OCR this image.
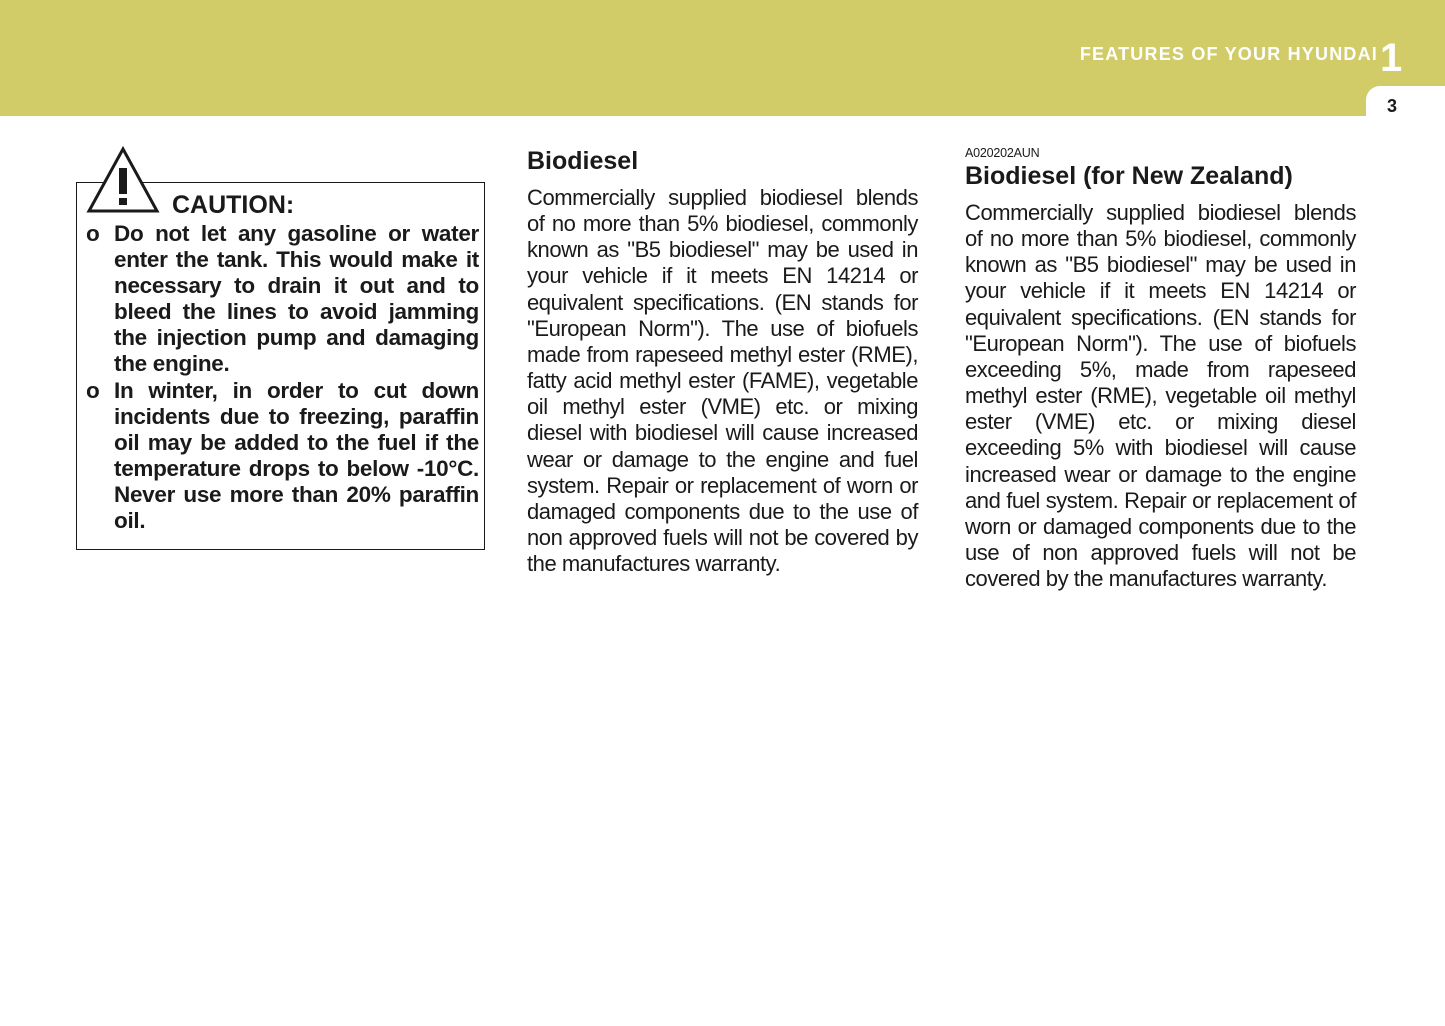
FEATURES OF YOUR HYUNDAI 1
3
CAUTION:
o Do not let any gasoline or water enter the tank. This would make it necessary to drain it out and to bleed the lines to avoid jamming the injection pump and damaging the engine.
o In winter, in order to cut down incidents due to freezing, paraffin oil may be added to the fuel if the temperature drops to below -10°C. Never use more than 20% paraffin oil.
Biodiesel

Commercially supplied biodiesel blends of no more than 5% biodiesel, commonly known as "B5 biodiesel" may be used in your vehicle if it meets EN 14214 or equivalent specifications. (EN stands for "European Norm"). The use of biofuels made from rapeseed methyl ester (RME), fatty acid methyl ester (FAME), vegetable oil methyl ester (VME) etc. or mixing diesel with biodiesel will cause increased wear or damage to the engine and fuel system. Repair or replacement of worn or damaged components due to the use of non approved fuels will not be covered by the manufactures warranty.

A020202AUN

Biodiesel (for New Zealand)

Commercially supplied biodiesel blends of no more than 5% biodiesel, commonly known as "B5 biodiesel" may be used in your vehicle if it meets EN 14214 or equivalent specifications. (EN stands for "European Norm"). The use of biofuels exceeding 5%, made from rapeseed methyl ester (RME), vegetable oil methyl ester (VME) etc. or mixing diesel exceeding 5% with biodiesel will cause increased wear or damage to the engine and fuel system. Repair or replacement of worn or damaged components due to the use of non approved fuels will not be covered by the manufactures warranty.
